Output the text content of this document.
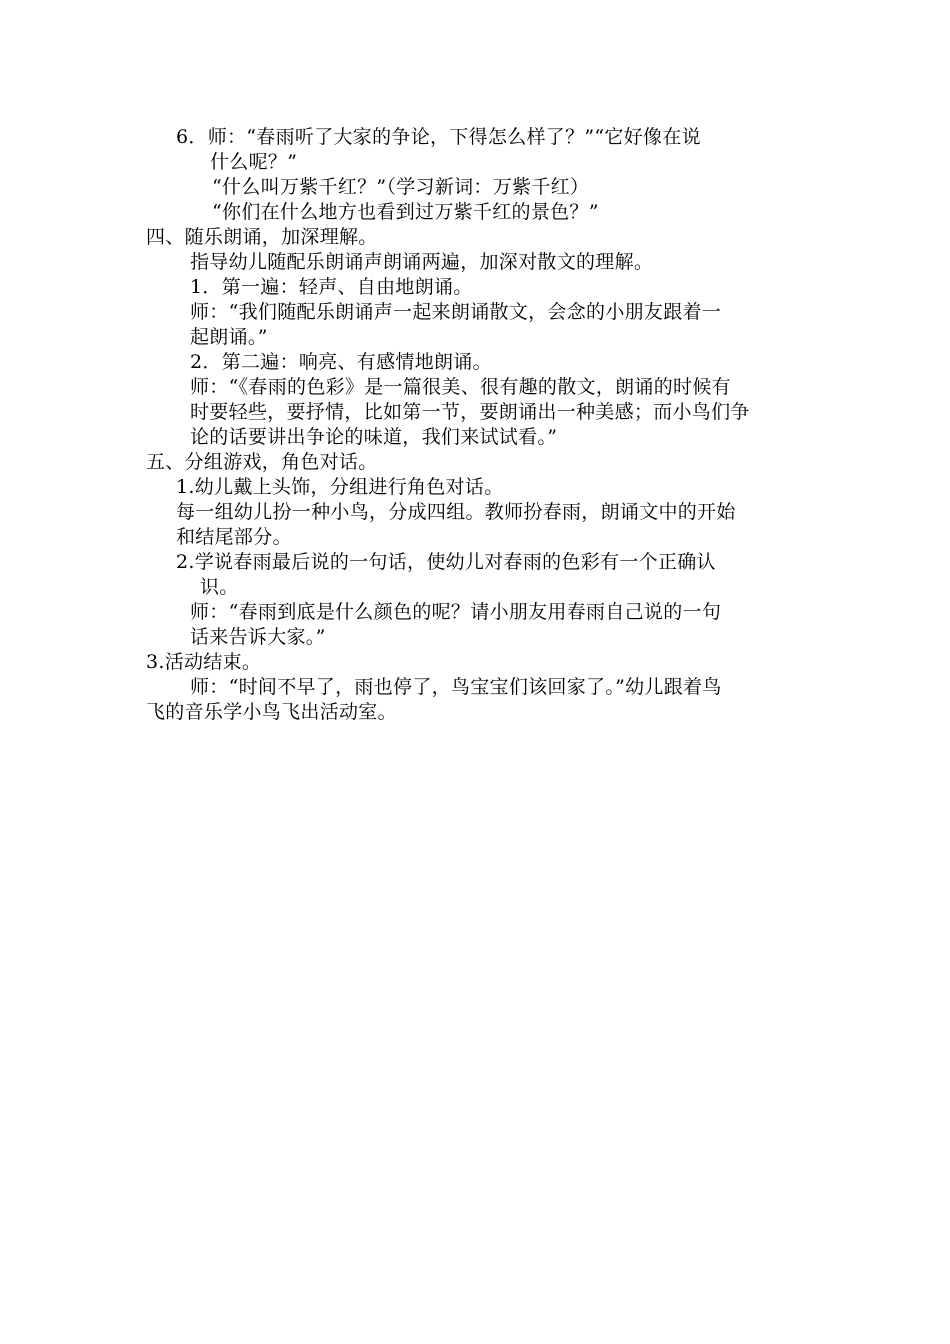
6．师：“春雨听了大家的争论，下得怎么样了？”“它好像在说
什么呢？”
“什么叫万紫千红？”（学习新词：万紫千红）
“你们在什么地方也看到过万紫千红的景色？”
四、随乐朗诵，加深理解。
指导幼儿随配乐朗诵声朗诵两遍，加深对散文的理解。
1．第一遍：轻声、自由地朗诵。
师：“我们随配乐朗诵声一起来朗诵散文，会念的小朋友跟着一
起朗诵。”
2．第二遍：响亮、有感情地朗诵。
师：“《春雨的色彩》是一篇很美、很有趣的散文，朗诵的时候有
时要轻些，要抒情，比如第一节，要朗诵出一种美感；而小鸟们争
论的话要讲出争论的味道，我们来试试看。”
五、分组游戏，角色对话。
1.幼儿戴上头饰，分组进行角色对话。
每一组幼儿扮一种小鸟，分成四组。教师扮春雨，朗诵文中的开始
和结尾部分。
2.学说春雨最后说的一句话，使幼儿对春雨的色彩有一个正确认
识。
师：“春雨到底是什么颜色的呢？请小朋友用春雨自己说的一句
话来告诉大家。”
3.活动结束。
师：“时间不早了，雨也停了，鸟宝宝们该回家了。”幼儿跟着鸟
飞的音乐学小鸟飞出活动室。
